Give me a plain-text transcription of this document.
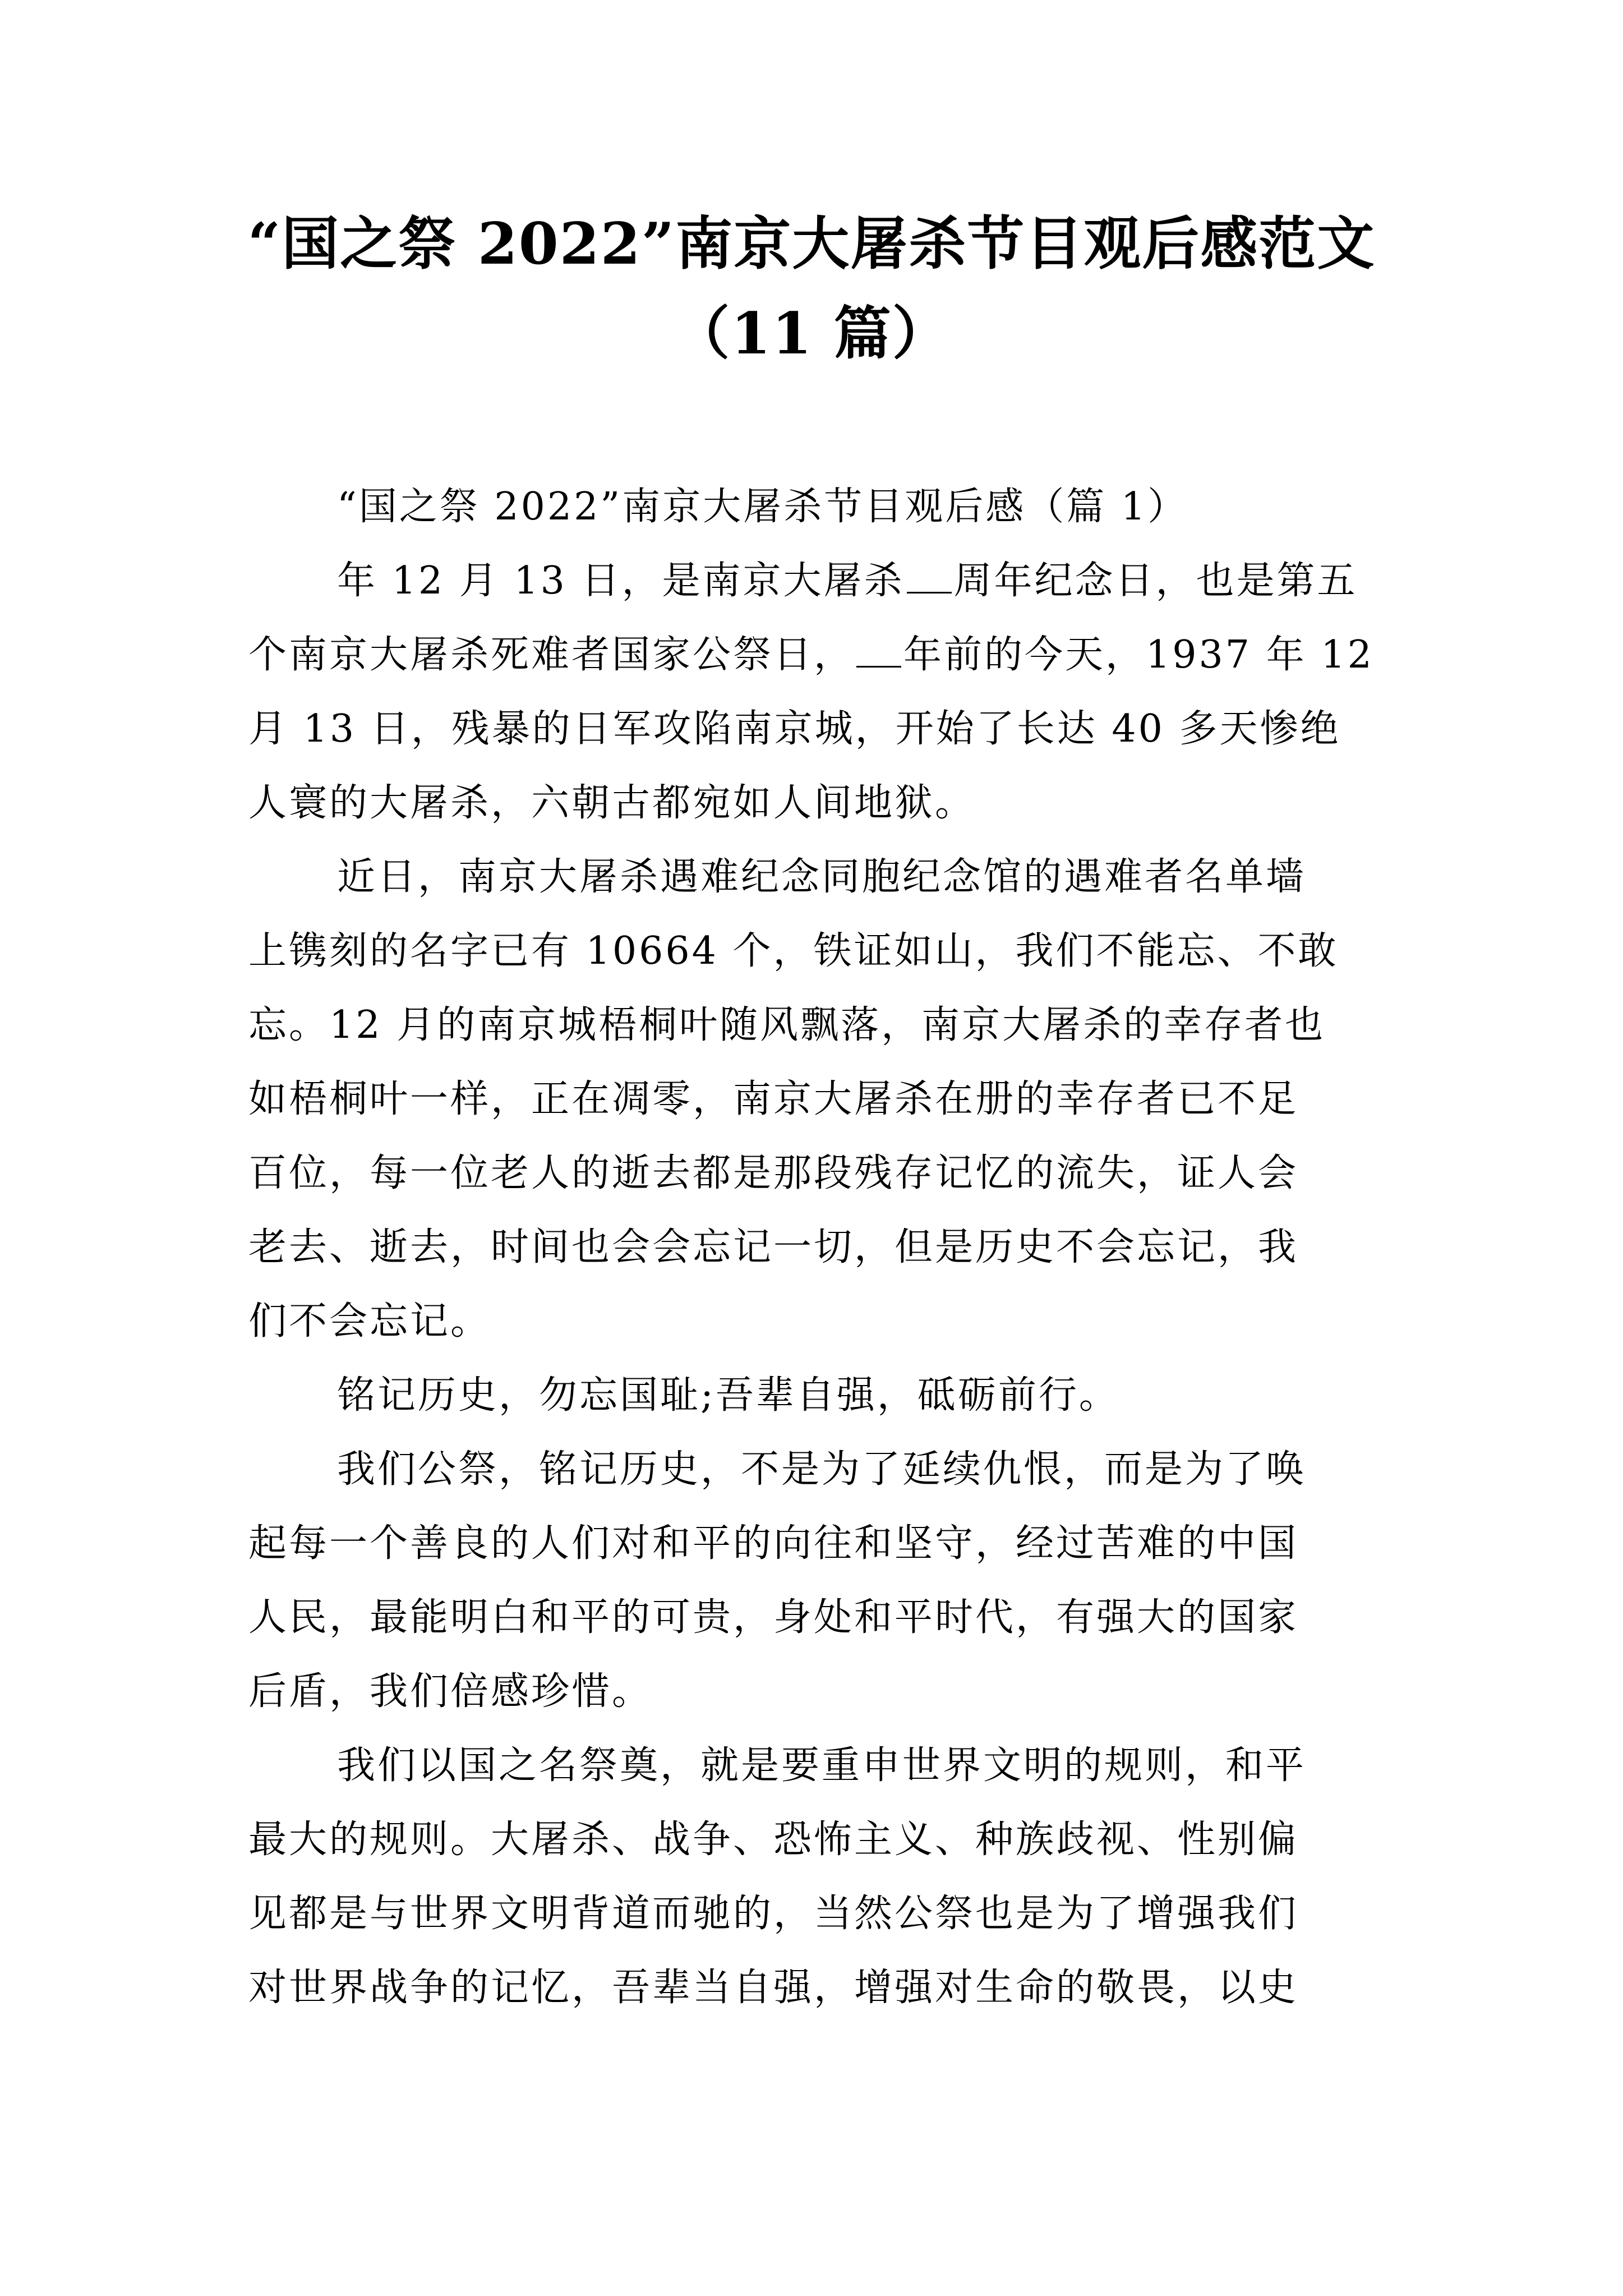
“国之祭 2022”南京大屠杀节目观后感范文
（11 篇）
“国之祭 2022”南京大屠杀节目观后感（篇 1）
年 12 月 13 日，是南京大屠杀 周年纪念日，也是第五
个南京大屠杀死难者国家公祭日， 年前的今天，1937 年 12
月 13 日，残暴的日军攻陷南京城，开始了长达 40 多天惨绝
人寰的大屠杀，六朝古都宛如人间地狱。
近日，南京大屠杀遇难纪念同胞纪念馆的遇难者名单墙
上镌刻的名字已有 10664 个，铁证如山，我们不能忘、不敢
忘。12 月的南京城梧桐叶随风飘落，南京大屠杀的幸存者也
如梧桐叶一样，正在凋零，南京大屠杀在册的幸存者已不足
百位，每一位老人的逝去都是那段残存记忆的流失，证人会
老去、逝去，时间也会会忘记一切，但是历史不会忘记，我
们不会忘记。
铭记历史，勿忘国耻;吾辈自强，砥砺前行。
我们公祭，铭记历史，不是为了延续仇恨，而是为了唤
起每一个善良的人们对和平的向往和坚守，经过苦难的中国
人民，最能明白和平的可贵，身处和平时代，有强大的国家
后盾，我们倍感珍惜。
我们以国之名祭奠，就是要重申世界文明的规则，和平
最大的规则。大屠杀、战争、恐怖主义、种族歧视、性别偏
见都是与世界文明背道而驰的，当然公祭也是为了增强我们
对世界战争的记忆，吾辈当自强，增强对生命的敬畏，以史
